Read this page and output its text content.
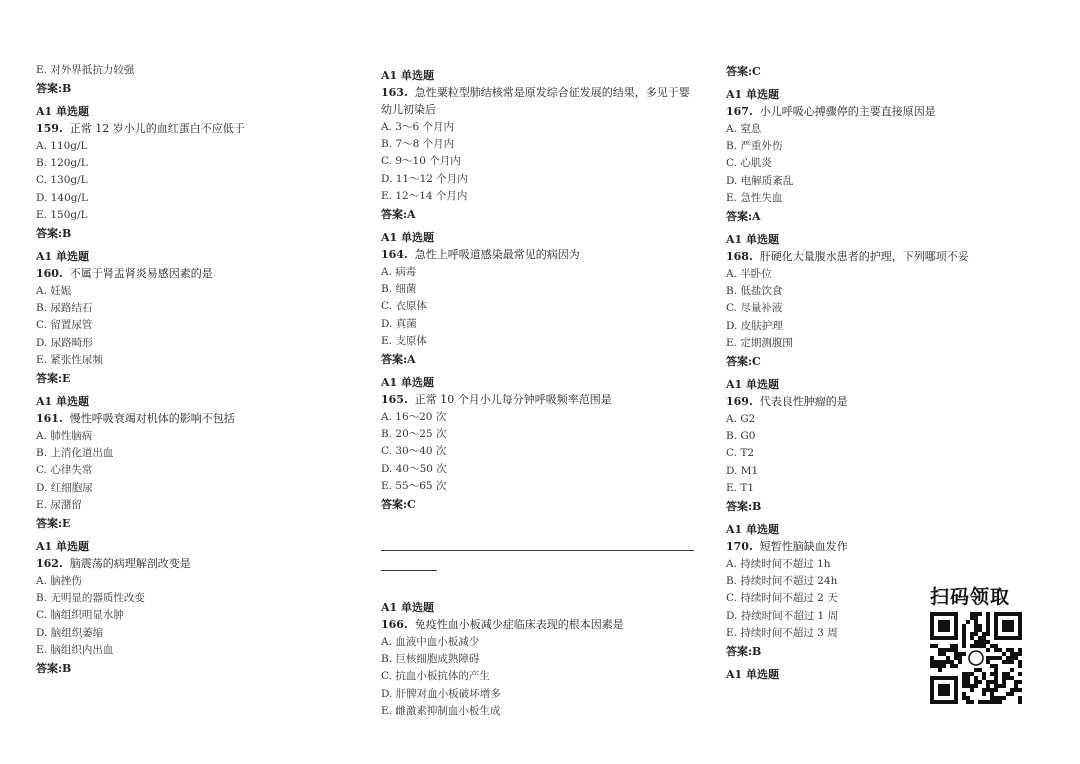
E. 对外界抵抗力较强
答案:B
A1 单选题
159. 正常 12 岁小儿的血红蛋白不应低于
A. 110g/L
B. 120g/L
C. 130g/L
D. 140g/L
E. 150g/L
答案:B
A1 单选题
160. 不属于肾盂肾炎易感因素的是
A. 妊娠
B. 尿路结石
C. 留置尿管
D. 尿路畸形
E. 紧张性尿频
答案:E
A1 单选题
161. 慢性呼吸衰竭对机体的影响不包括
A. 肺性脑病
B. 上消化道出血
C. 心律失常
D. 红细胞尿
E. 尿潴留
答案:E
A1 单选题
162. 脑震荡的病理解剖改变是
A. 脑挫伤
B. 无明显的器质性改变
C. 脑组织明显水肿
D. 脑组织萎缩
E. 脑组织内出血
答案:B
A1 单选题
163. 急性粟粒型肺结核常是原发综合征发展的结果，多见于婴幼儿初染后
A. 3～6 个月内
B. 7～8 个月内
C. 9～10 个月内
D. 11～12 个月内
E. 12～14 个月内
答案:A
A1 单选题
164. 急性上呼吸道感染最常见的病因为
A. 病毒
B. 细菌
C. 衣原体
D. 真菌
E. 支原体
答案:A
A1 单选题
165. 正常 10 个月小儿每分钟呼吸频率范围是
A. 16～20 次
B. 20～25 次
C. 30～40 次
D. 40～50 次
E. 55～65 次
答案:C
A1 单选题
166. 免疫性血小板减少症临床表现的根本因素是
A. 血液中血小板减少
B. 巨核细胞成熟障碍
C. 抗血小板抗体的产生
D. 肝脾对血小板破坏增多
E. 雌激素抑制血小板生成
答案:C
A1 单选题
167. 小儿呼吸心搏骤停的主要直接原因是
A. 窒息
B. 严重外伤
C. 心肌炎
D. 电解质紊乱
E. 急性失血
答案:A
A1 单选题
168. 肝硬化大量腹水患者的护理，下列哪项不妥
A. 半卧位
B. 低盐饮食
C. 尽量补液
D. 皮肤护理
E. 定期测腹围
答案:C
A1 单选题
169. 代表良性肿瘤的是
A. G2
B. G0
C. T2
D. M1
E. T1
答案:B
A1 单选题
170. 短暂性脑缺血发作
A. 持续时间不超过 1h
B. 持续时间不超过 24h
C. 持续时间不超过 2 天
D. 持续时间不超过 1 周
E. 持续时间不超过 3 周
答案:B
A1 单选题
扫码领取
